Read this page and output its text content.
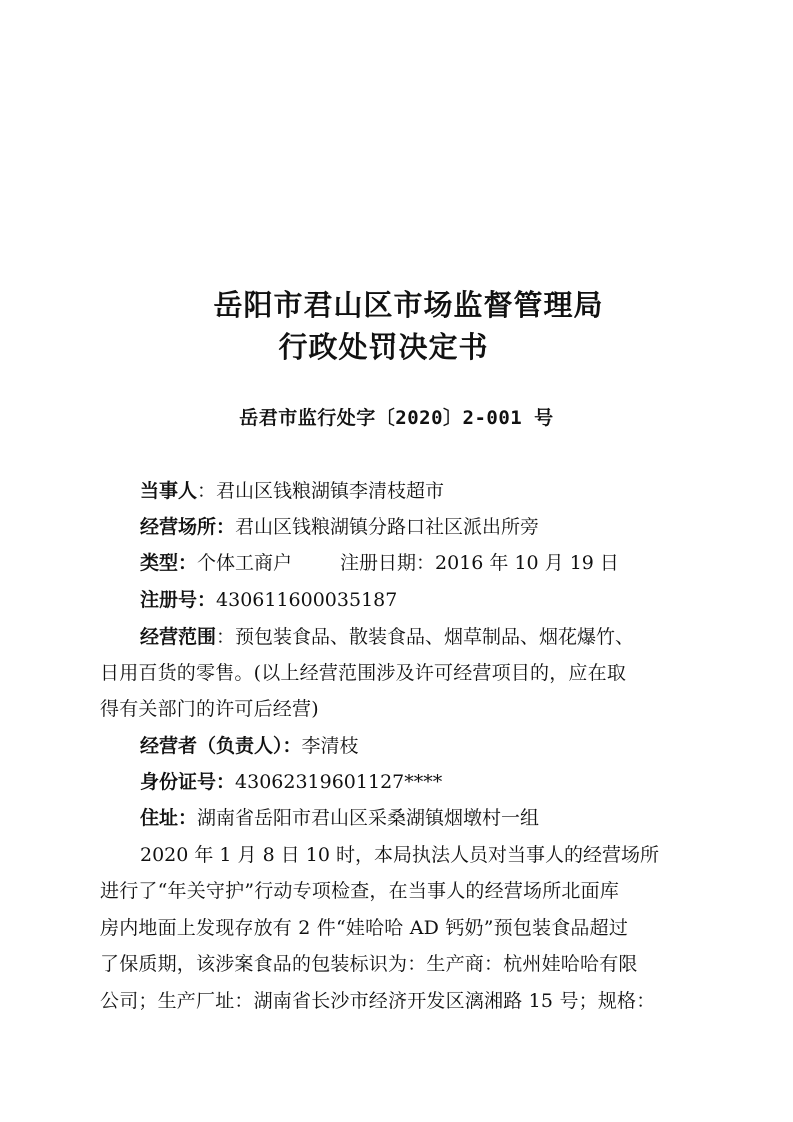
岳阳市君山区市场监督管理局
行政处罚决定书
岳君市监行处字〔2020〕2-001 号
当事人：君山区钱粮湖镇李清枝超市
经营场所：君山区钱粮湖镇分路口社区派出所旁
类型：个体工商户	注册日期：2016 年 10 月 19 日
注册号：430611600035187
经营范围：预包装食品、散装食品、烟草制品、烟花爆竹、
日用百货的零售。(以上经营范围涉及许可经营项目的，应在取
得有关部门的许可后经营)
经营者（负责人）：李清枝
身份证号：43062319601127****
住址：湖南省岳阳市君山区采桑湖镇烟墩村一组
2020 年 1 月 8 日 10 时，本局执法人员对当事人的经营场所
进行了“年关守护”行动专项检查，在当事人的经营场所北面库
房内地面上发现存放有 2 件“娃哈哈 AD 钙奶”预包装食品超过
了保质期，该涉案食品的包装标识为：生产商：杭州娃哈哈有限
公司；生产厂址：湖南省长沙市经济开发区漓湘路 15 号；规格：
